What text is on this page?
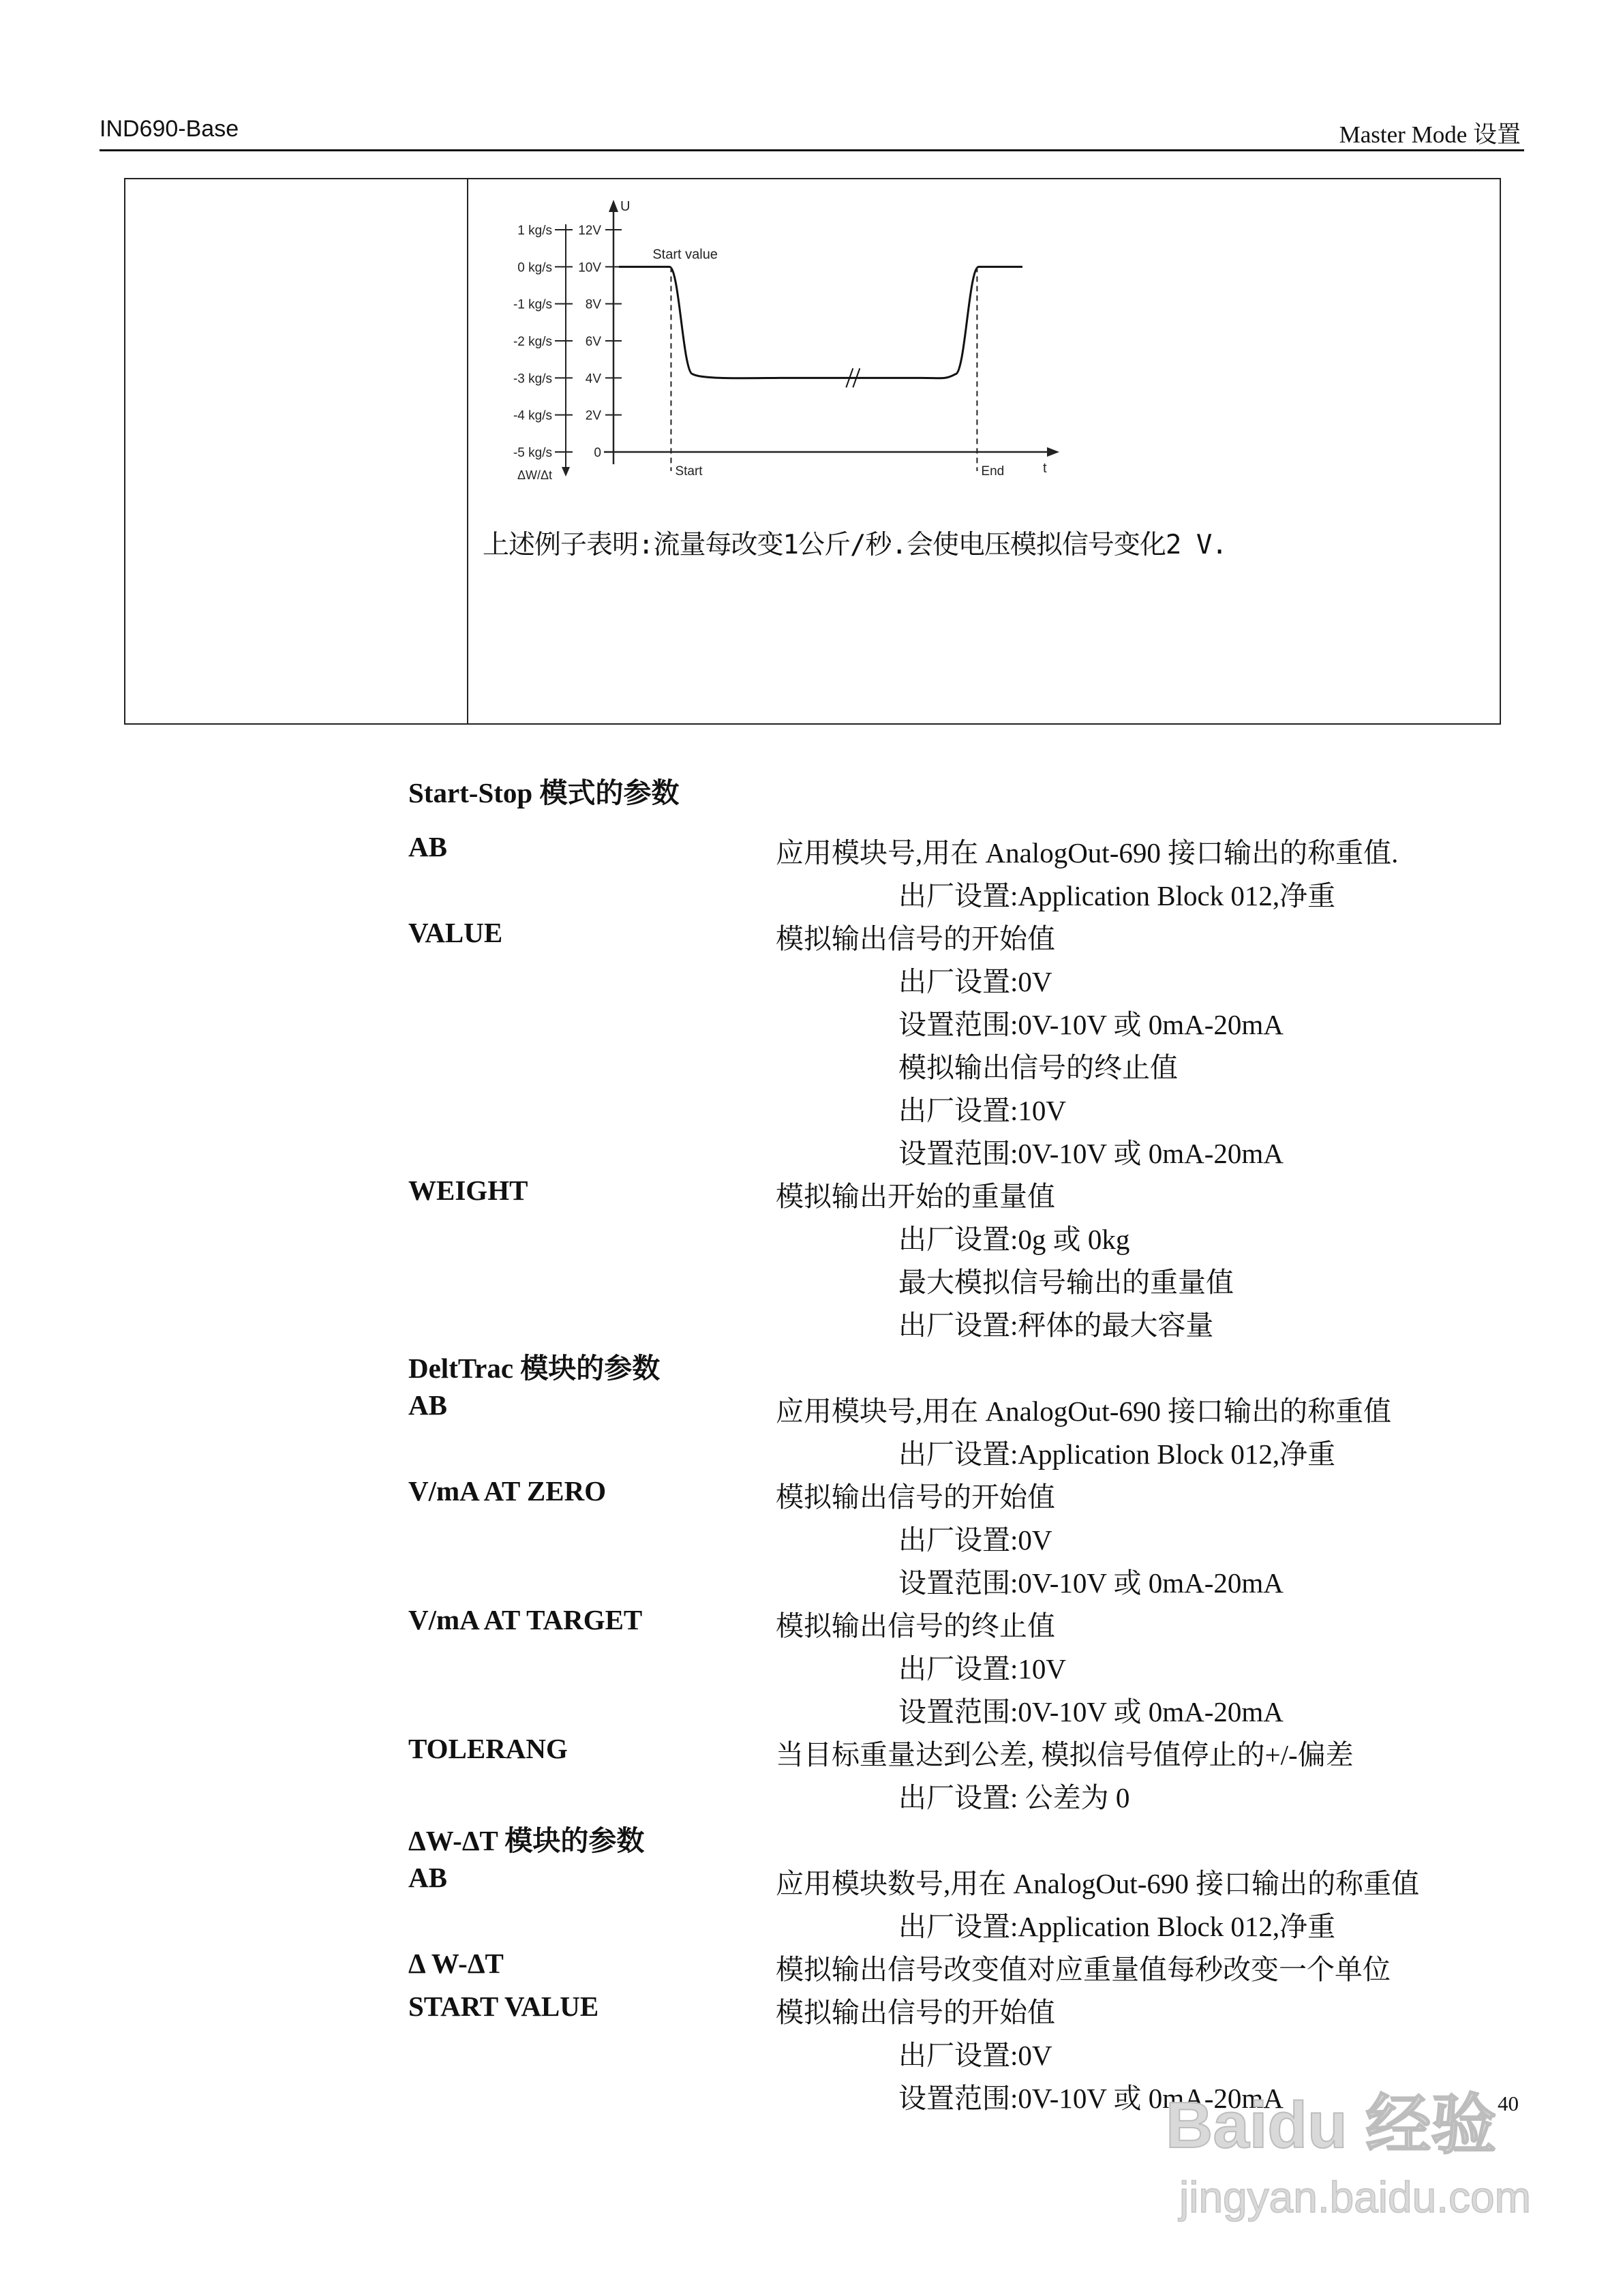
IND690-Base	Master Mode 设置
U
t
12V
1 kg/s
10V
0 kg/s
8V
-1 kg/s
6V
-2 kg/s
4V
-3 kg/s
2V
-4 kg/s
0
-5 kg/s
ΔW/Δt
Start value
Start	End
上述例子表明:流量每改变1公斤/秒.会使电压模拟信号变化2 V.
Start-Stop 模式的参数
AB	应用模块号,用在 AnalogOut-690 接口输出的称重值.
出厂设置:Application Block 012,净重
VALUE	模拟输出信号的开始值
出厂设置:0V
设置范围:0V-10V 或 0mA-20mA
模拟输出信号的终止值
出厂设置:10V
设置范围:0V-10V 或 0mA-20mA
WEIGHT	模拟输出开始的重量值
出厂设置:0g 或 0kg
最大模拟信号输出的重量值
出厂设置:秤体的最大容量
DeltTrac 模块的参数
AB	应用模块号,用在 AnalogOut-690 接口输出的称重值
出厂设置:Application Block 012,净重
V/mA AT ZERO	模拟输出信号的开始值
出厂设置:0V
设置范围:0V-10V 或 0mA-20mA
V/mA AT TARGET	模拟输出信号的终止值
出厂设置:10V
设置范围:0V-10V 或 0mA-20mA
TOLERANG	当目标重量达到公差, 模拟信号值停止的+/-偏差
出厂设置: 公差为 0
ΔW-ΔT 模块的参数
AB	应用模块数号,用在 AnalogOut-690 接口输出的称重值
出厂设置:Application Block 012,净重
Δ W-ΔT	模拟输出信号改变值对应重量值每秒改变一个单位
START VALUE	模拟输出信号的开始值
出厂设置:0V
设置范围:0V-10V 或 0mA-20mA
Baidu 经验
jingyan.baidu.com
40
